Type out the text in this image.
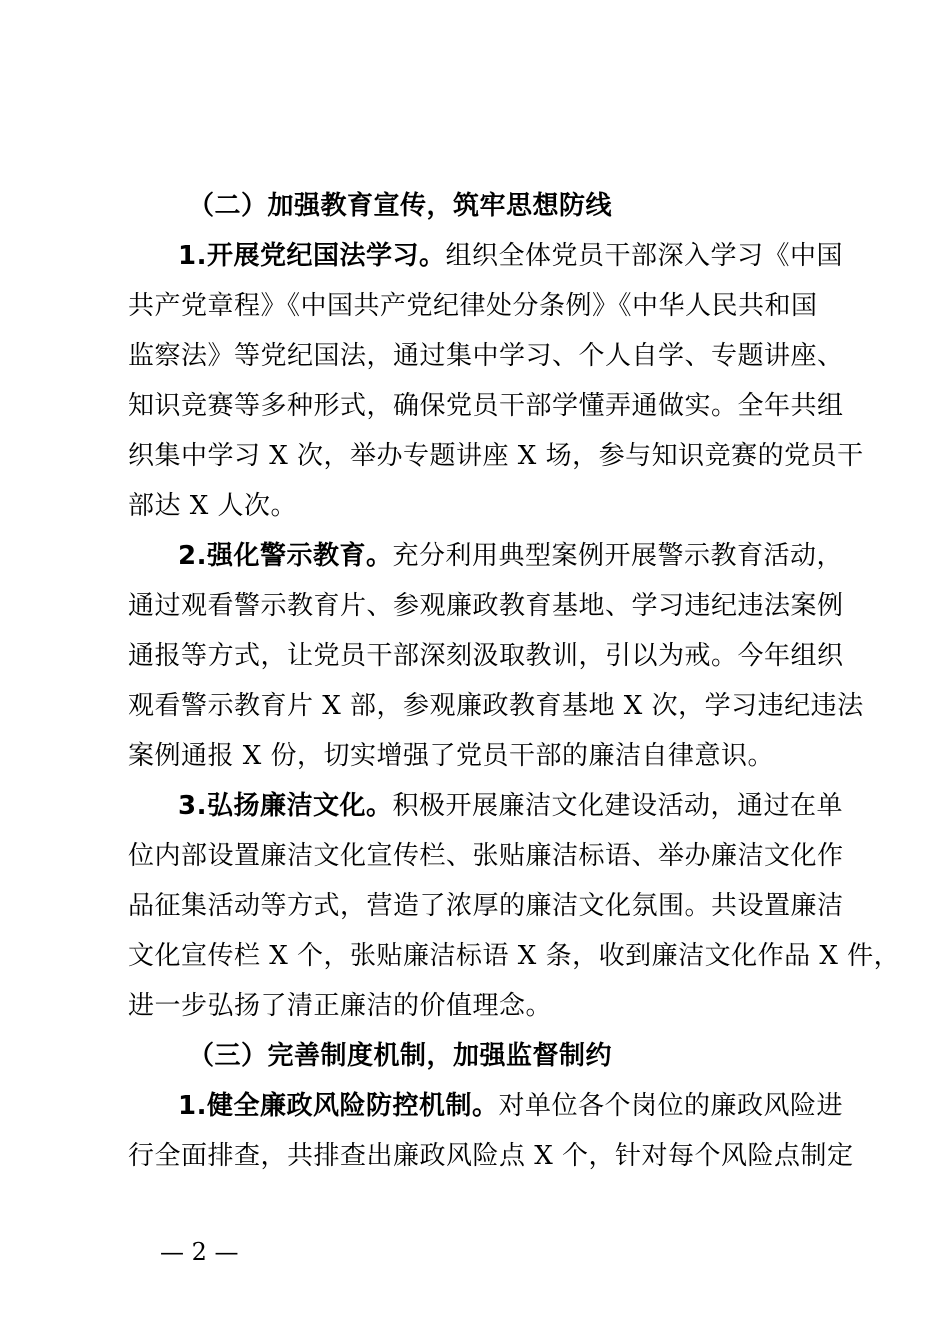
（二）加强教育宣传，筑牢思想防线
1.开展党纪国法学习。组织全体党员干部深入学习《中国
共产党章程》《中国共产党纪律处分条例》《中华人民共和国
监察法》等党纪国法，通过集中学习、个人自学、专题讲座、
知识竞赛等多种形式，确保党员干部学懂弄通做实。全年共组
织集中学习 X 次，举办专题讲座 X 场，参与知识竞赛的党员干
部达 X 人次。
2.强化警示教育。充分利用典型案例开展警示教育活动，
通过观看警示教育片、参观廉政教育基地、学习违纪违法案例
通报等方式，让党员干部深刻汲取教训，引以为戒。今年组织
观看警示教育片 X 部，参观廉政教育基地 X 次，学习违纪违法
案例通报 X 份，切实增强了党员干部的廉洁自律意识。
3.弘扬廉洁文化。积极开展廉洁文化建设活动，通过在单
位内部设置廉洁文化宣传栏、张贴廉洁标语、举办廉洁文化作
品征集活动等方式，营造了浓厚的廉洁文化氛围。共设置廉洁
文化宣传栏 X 个，张贴廉洁标语 X 条，收到廉洁文化作品 X 件，
进一步弘扬了清正廉洁的价值理念。
（三）完善制度机制，加强监督制约
1.健全廉政风险防控机制。对单位各个岗位的廉政风险进
行全面排查，共排查出廉政风险点 X 个，针对每个风险点制定
— 2 —
